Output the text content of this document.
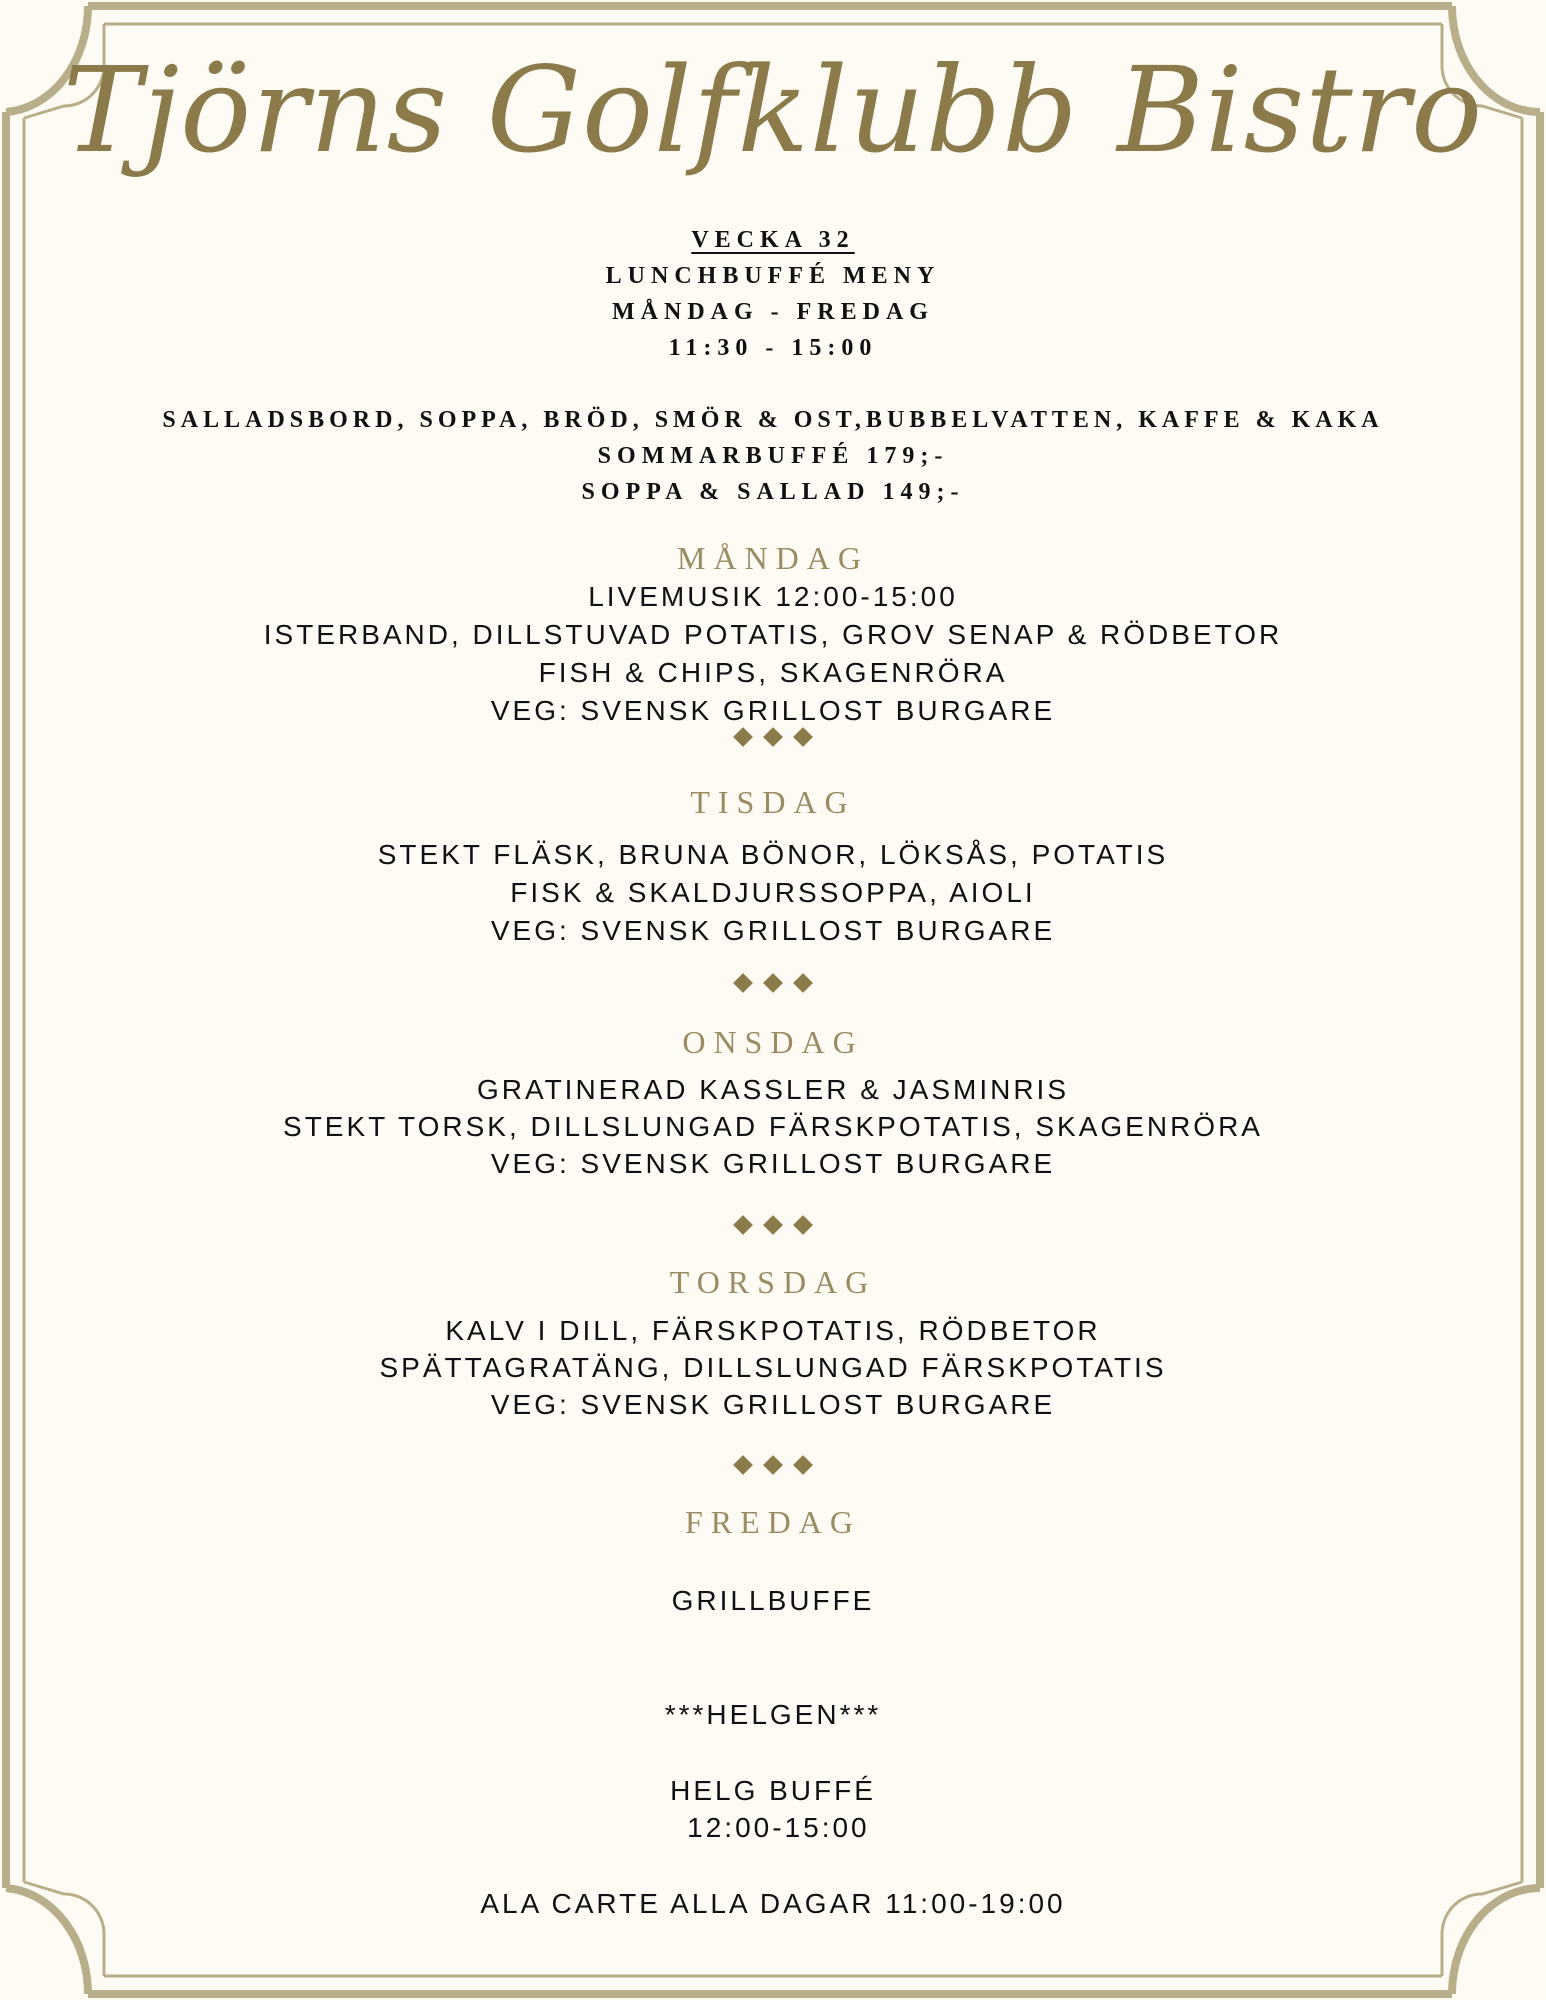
Tjörns Golfklubb Bistro
VECKA 32
LUNCHBUFFÉ MENY
MÅNDAG - FREDAG
11:30 - 15:00
SALLADSBORD, SOPPA, BRÖD, SMÖR & OST,BUBBELVATTEN, KAFFE & KAKA
SOMMARBUFFÉ 179;-
SOPPA & SALLAD 149;-
MÅNDAG
LIVEMUSIK 12:00-15:00
ISTERBAND, DILLSTUVAD POTATIS, GROV SENAP & RÖDBETOR
FISH & CHIPS, SKAGENRÖRA
VEG: SVENSK GRILLOST BURGARE
TISDAG
STEKT FLÄSK, BRUNA BÖNOR, LÖKSÅS, POTATIS
FISK & SKALDJURSSOPPA, AIOLI
VEG: SVENSK GRILLOST BURGARE
ONSDAG
GRATINERAD KASSLER & JASMINRIS
STEKT TORSK, DILLSLUNGAD FÄRSKPOTATIS, SKAGENRÖRA
VEG: SVENSK GRILLOST BURGARE
TORSDAG
KALV I DILL, FÄRSKPOTATIS, RÖDBETOR
SPÄTTAGRATÄNG, DILLSLUNGAD FÄRSKPOTATIS
VEG: SVENSK GRILLOST BURGARE
FREDAG
GRILLBUFFE
***HELGEN***
HELG BUFFÉ
12:00-15:00
ALA CARTE ALLA DAGAR 11:00-19:00
